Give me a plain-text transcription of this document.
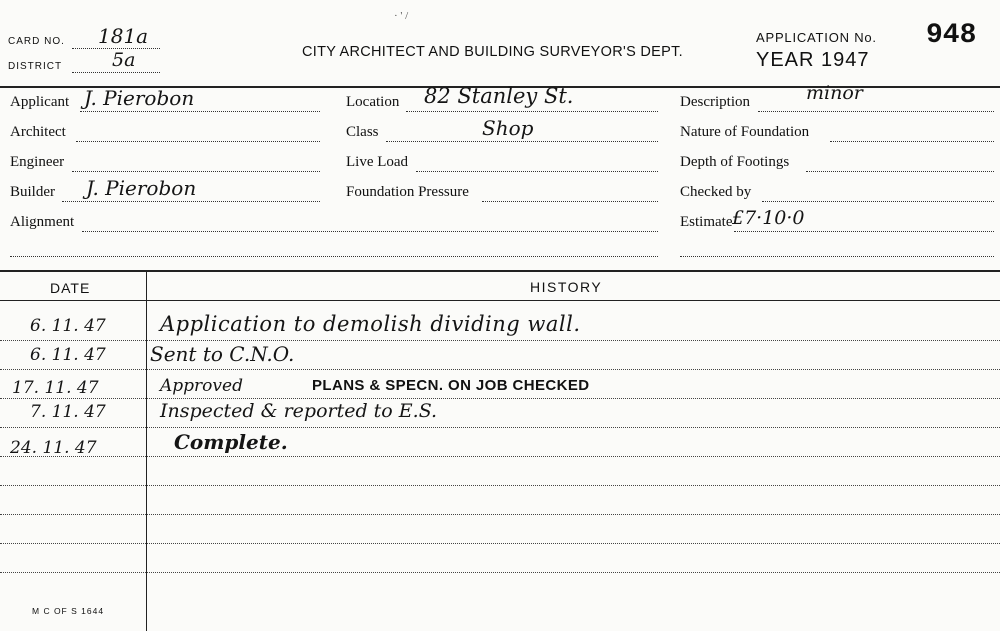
CARD NO. 181a
DISTRICT	5a
· ' /
CITY ARCHITECT AND BUILDING SURVEYOR'S DEPT.
APPLICATION No. 948
YEAR 1947
Applicant J. Pierobon
Architect
Engineer
Builder J. Pierobon
Alignment
Location 82 Stanley St.
Class	Shop
Live Load
Foundation Pressure
Description	minor
Nature of Foundation
Depth of Footings
Checked by
Estimate £7·10·0
DATE	HISTORY
6. 11. 47	Application to demolish dividing wall.
6. 11. 47 Sent to C.N.O.
17. 11. 47	Approved	PLANS & SPECN. ON JOB CHECKED
7. 11. 47	Inspected & reported to E.S.
24. 11. 47	Complete.
M C OF S 1644
